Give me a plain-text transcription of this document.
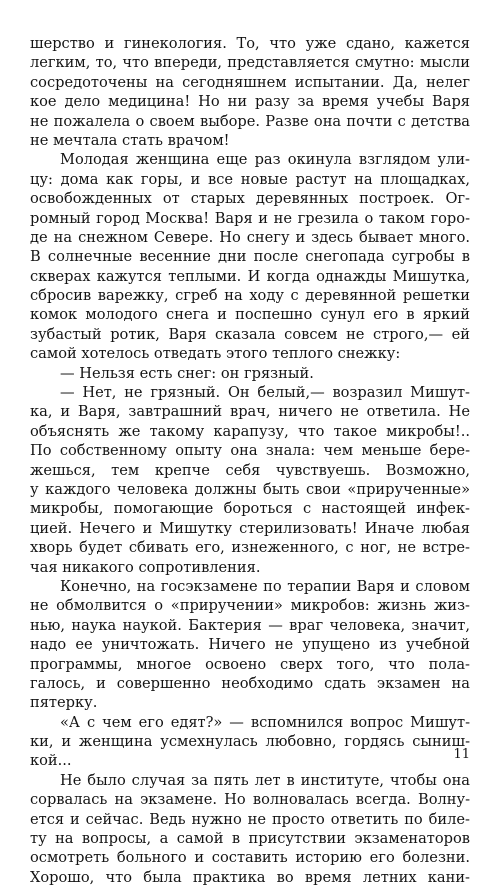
шерство и гинекология. То, что уже сдано, кажется
легким, то, что впереди, представляется смутно: мысли
сосредоточены на сегодняшнем испытании. Да, нелег
кое дело медицина! Но ни разу за время учебы Варя
не пожалела о своем выборе. Разве она почти с детства
не мечтала стать врачом!
Молодая женщина еще раз окинула взглядом ули-
цу: дома как горы, и все новые растут на площадках,
освобожденных от старых деревянных построек. Ог-
ромный город Москва! Варя и не грезила о таком горо-
де на снежном Севере. Но снегу и здесь бывает много.
В солнечные весенние дни после снегопада сугробы в
скверах кажутся теплыми. И когда однажды Мишутка,
сбросив варежку, сгреб на ходу с деревянной решетки
комок молодого снега и поспешно сунул его в яркий
зубастый ротик, Варя сказала совсем не строго,— ей
самой хотелось отведать этого теплого снежку:
— Нельзя есть снег: он грязный.
— Нет, не грязный. Он белый,— возразил Мишут-
ка, и Варя, завтрашний врач, ничего не ответила. Не
объяснять же такому карапузу, что такое микробы!..
По собственному опыту она знала: чем меньше бере-
жешься, тем крепче себя чувствуешь. Возможно,
у каждого человека должны быть свои «прирученные»
микробы, помогающие бороться с настоящей инфек-
цией. Нечего и Мишутку стерилизовать! Иначе любая
хворь будет сбивать его, изнеженного, с ног, не встре-
чая никакого сопротивления.
Конечно, на госэкзамене по терапии Варя и словом
не обмолвится о «приручении» микробов: жизнь жиз-
нью, наука наукой. Бактерия — враг человека, значит,
надо ее уничтожать. Ничего не упущено из учебной
программы, многое освоено сверх того, что пола-
галось, и совершенно необходимо сдать экзамен на
пятерку.
«А с чем его едят?» — вспомнился вопрос Мишут-
ки, и женщина усмехнулась любовно, гордясь сыниш-
кой...
Не было случая за пять лет в институте, чтобы она
сорвалась на экзамене. Но волновалась всегда. Волну-
ется и сейчас. Ведь нужно не просто ответить по биле-
ту на вопросы, а самой в присутствии экзаменаторов
осмотреть больного и составить историю его болезни.
Хорошо, что была практика во время летних кани-
11
